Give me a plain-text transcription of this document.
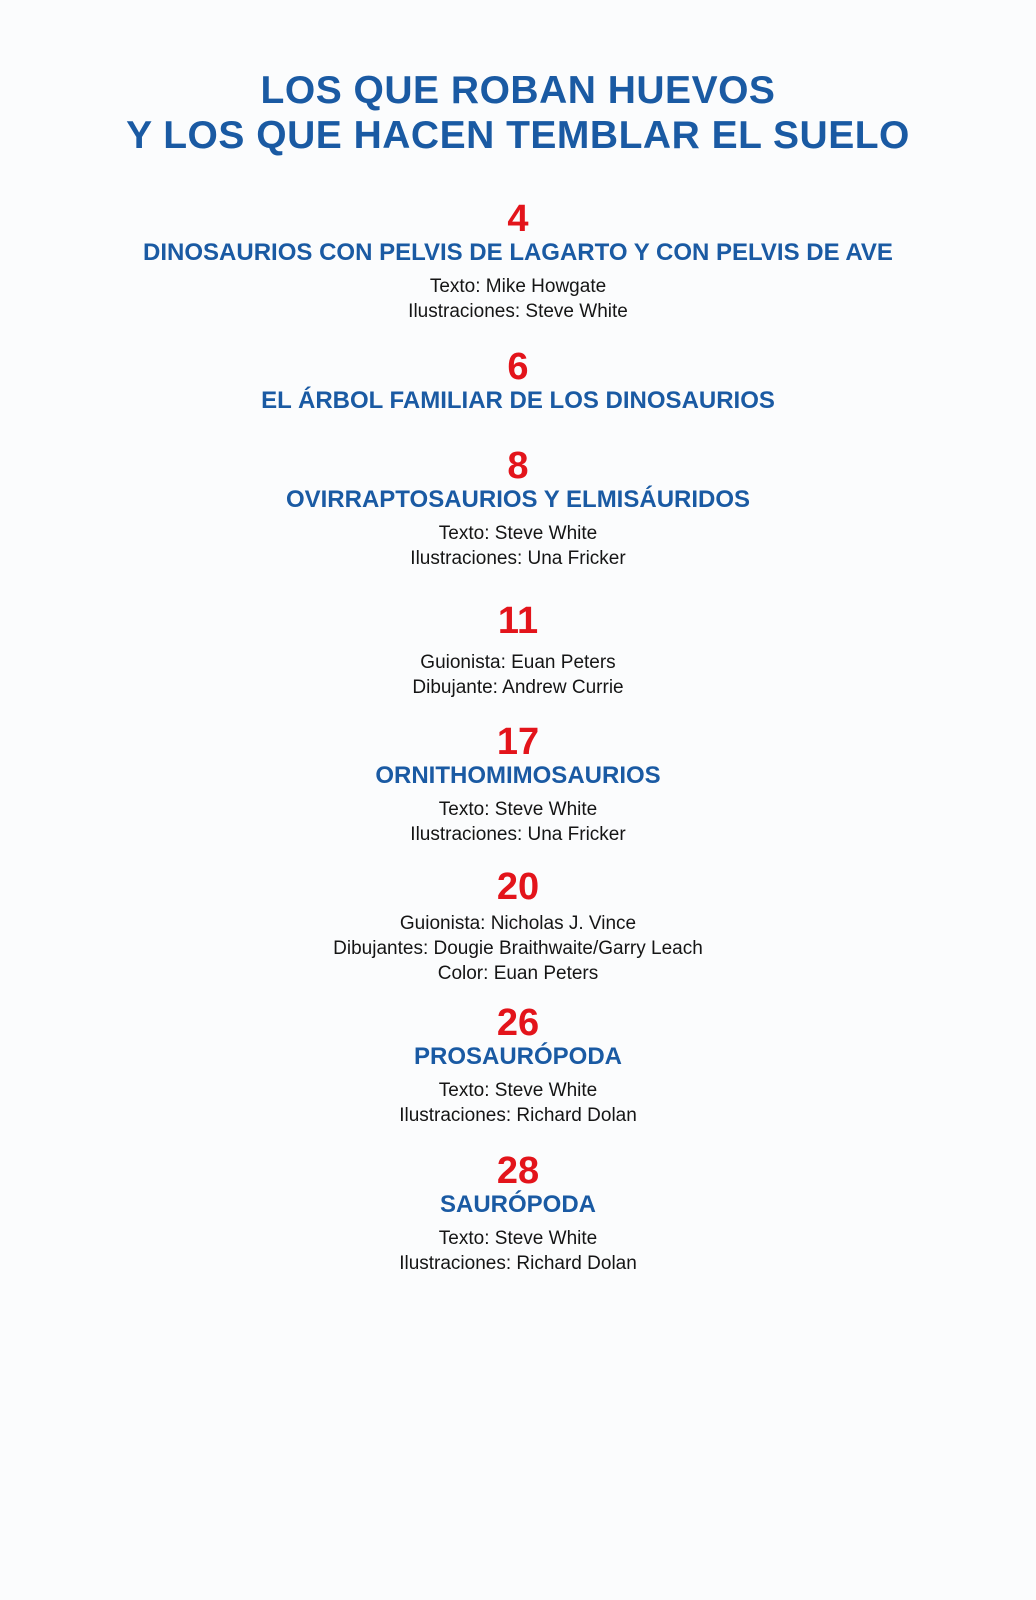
LOS QUE ROBAN HUEVOS
Y LOS QUE HACEN TEMBLAR EL SUELO
4
DINOSAURIOS CON PELVIS DE LAGARTO Y CON PELVIS DE AVE
Texto: Mike Howgate
Ilustraciones: Steve White
6
EL ÁRBOL FAMILIAR DE LOS DINOSAURIOS
8
OVIRRAPTOSAURIOS Y ELMISÁURIDOS
Texto: Steve White
Ilustraciones: Una Fricker
11
Guionista: Euan Peters
Dibujante: Andrew Currie
17
ORNITHOMIMOSAURIOS
Texto: Steve White
Ilustraciones: Una Fricker
20
Guionista: Nicholas J. Vince
Dibujantes: Dougie Braithwaite/Garry Leach
Color: Euan Peters
26
PROSAURÓPODA
Texto: Steve White
Ilustraciones: Richard Dolan
28
SAURÓPODA
Texto: Steve White
Ilustraciones: Richard Dolan
